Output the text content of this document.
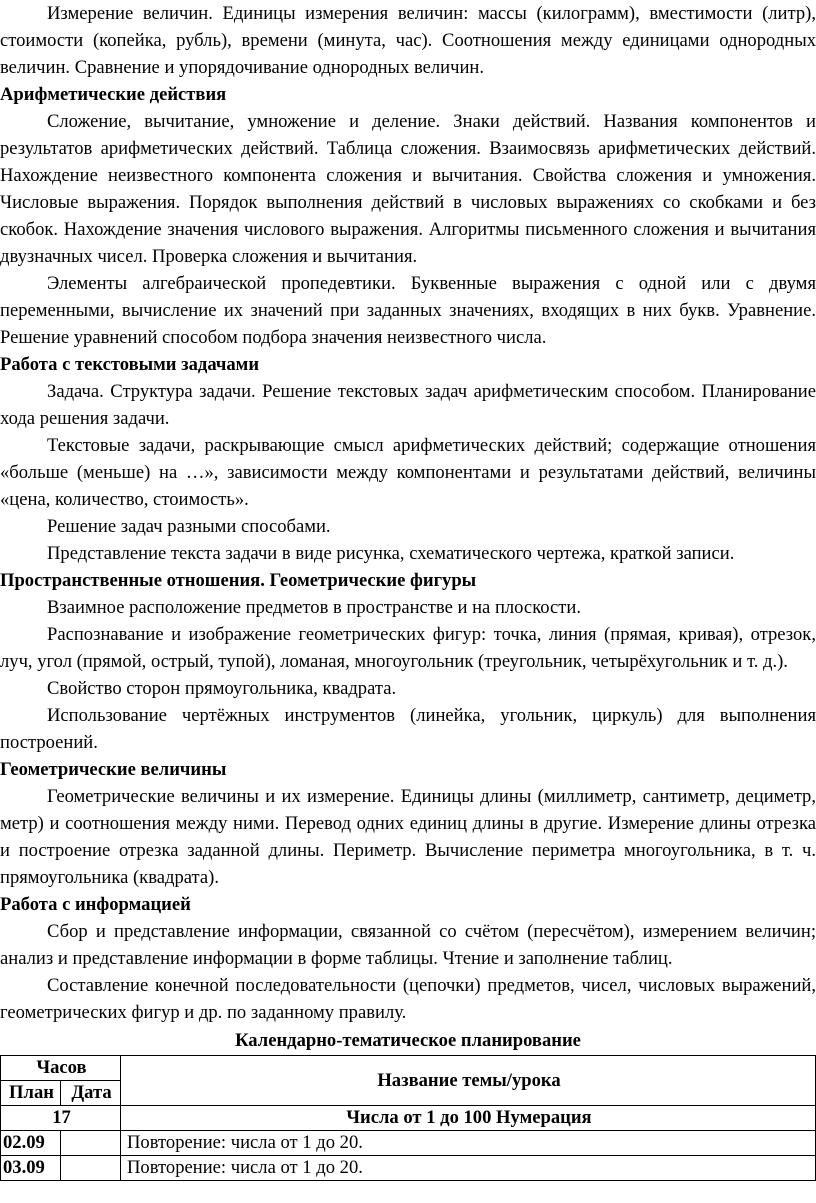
Измерение величин. Единицы измерения величин: массы (килограмм), вместимости (литр), стоимости (копейка, рубль), времени (минута, час). Соотношения между единицами однородных величин. Сравнение и упорядочивание однородных величин.

Арифметические действия

Сложение, вычитание, умножение и деление. Знаки действий. Названия компонентов и результатов арифметических действий. Таблица сложения. Взаимосвязь арифметических действий. Нахождение неизвестного компонента сложения и вычитания. Свойства сложения и умножения. Числовые выражения. Порядок выполнения действий в числовых выражениях со скобками и без скобок. Нахождение значения числового выражения. Алгоритмы письменного сложения и вычитания двузначных чисел. Проверка сложения и вычитания.

Элементы алгебраической пропедевтики. Буквенные выражения с одной или с двумя переменными, вычисление их значений при заданных значениях, входящих в них букв. Уравнение. Решение уравнений способом подбора значения неизвестного числа.

Работа с текстовыми задачами

Задача. Структура задачи. Решение текстовых задач арифметическим способом. Планирование хода решения задачи.

Текстовые задачи, раскрывающие смысл арифметических действий; содержащие отношения «больше (меньше) на …», зависимости между компонентами и результатами действий, величины «цена, количество, стоимость».

Решение задач разными способами.

Представление текста задачи в виде рисунка, схематического чертежа, краткой записи.

Пространственные отношения. Геометрические фигуры

Взаимное расположение предметов в пространстве и на плоскости.

Распознавание и изображение геометрических фигур: точка, линия (прямая, кривая), отрезок, луч, угол (прямой, острый, тупой), ломаная, многоугольник (треугольник, четырёхугольник и т. д.).

Свойство сторон прямоугольника, квадрата.

Использование чертёжных инструментов (линейка, угольник, циркуль) для выполнения построений.

Геометрические величины

Геометрические величины и их измерение. Единицы длины (миллиметр, сантиметр, дециметр, метр) и соотношения между ними. Перевод одних единиц длины в другие. Измерение длины отрезка и построение отрезка заданной длины. Периметр. Вычисление периметра многоугольника, в т. ч. прямоугольника (квадрата).

Работа с информацией

Сбор и представление информации, связанной со счётом (пересчётом), измерением величин; анализ и представление информации в форме таблицы. Чтение и заполнение таблиц.

Составление конечной последовательности (цепочки) предметов, чисел, числовых выражений, геометрических фигур и др. по заданному правилу.

Календарно-тематическое планирование
Часов		Название темы/урока
План	Дата	
17		Числа от 1 до 100 Нумерация
02.09		Повторение: числа от 1 до 20.
03.09		Повторение: числа от 1 до 20.
